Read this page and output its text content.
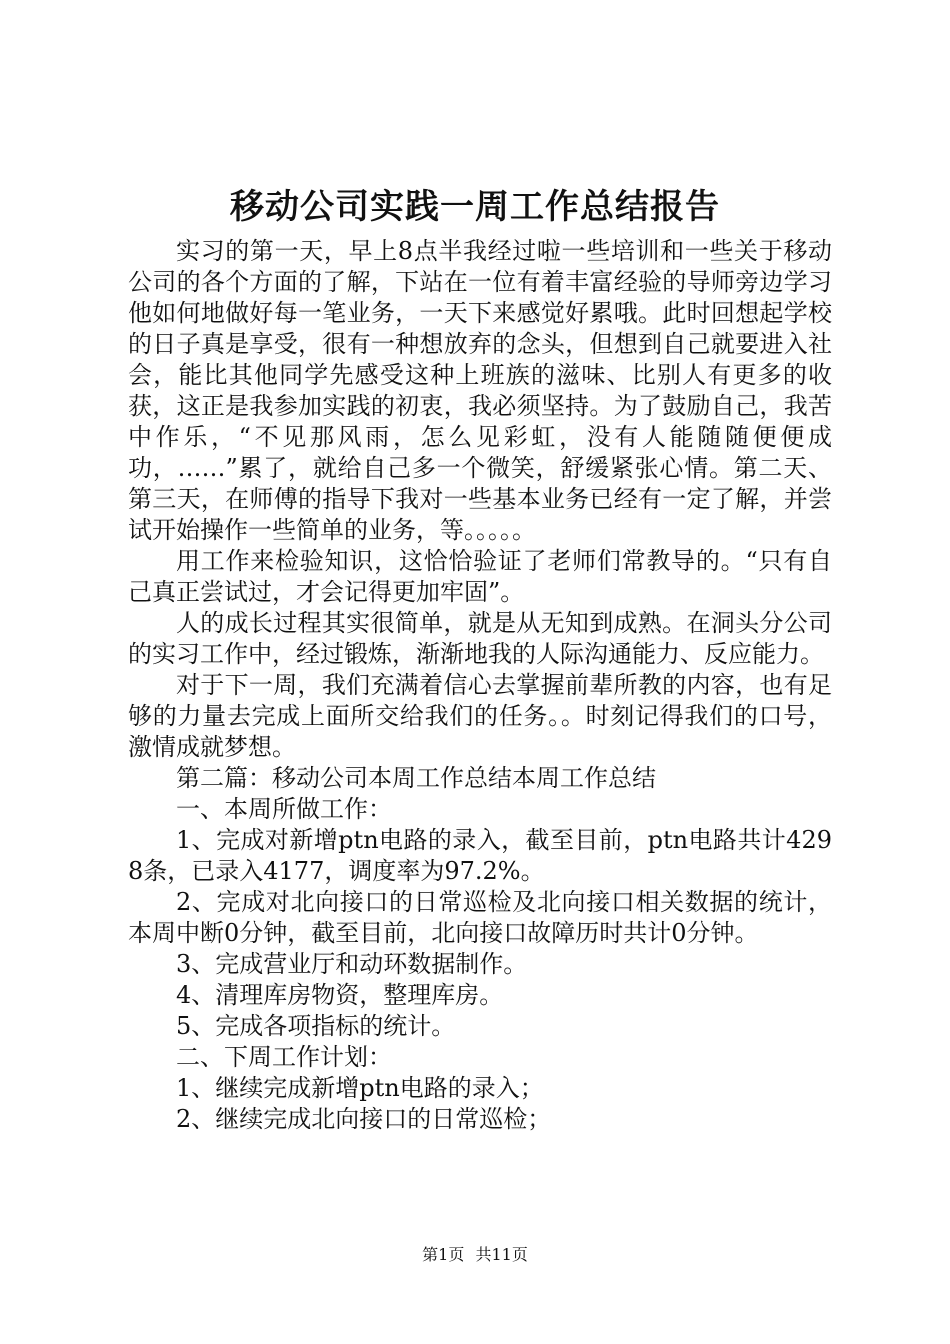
移动公司实践一周工作总结报告

实习的第一天，早上8点半我经过啦一些培训和一些关于移动公司的各个方面的了解，下站在一位有着丰富经验的导师旁边学习他如何地做好每一笔业务，一天下来感觉好累哦。此时回想起学校的日子真是享受，很有一种想放弃的念头，但想到自己就要进入社会，能比其他同学先感受这种上班族的滋味、比别人有更多的收获，这正是我参加实践的初衷，我必须坚持。为了鼓励自己，我苦中作乐，“不见那风雨，怎么见彩虹，没有人能随随便便成功，……”累了，就给自己多一个微笑，舒缓紧张心情。第二天、第三天，在师傅的指导下我对一些基本业务已经有一定了解，并尝试开始操作一些简单的业务，等。。。。。

用工作来检验知识，这恰恰验证了老师们常教导的。“只有自己真正尝试过，才会记得更加牢固”。

人的成长过程其实很简单，就是从无知到成熟。在洞头分公司的实习工作中，经过锻炼，渐渐地我的人际沟通能力、反应能力。

对于下一周，我们充满着信心去掌握前辈所教的内容，也有足够的力量去完成上面所交给我们的任务。。时刻记得我们的口号，激情成就梦想。

第二篇：移动公司本周工作总结本周工作总结

一、本周所做工作：

1、完成对新增ptn电路的录入，截至目前，ptn电路共计4298条，已录入4177，调度率为97.2%。

2、完成对北向接口的日常巡检及北向接口相关数据的统计，本周中断0分钟，截至目前，北向接口故障历时共计0分钟。

3、完成营业厅和动环数据制作。

4、清理库房物资，整理库房。

5、完成各项指标的统计。

二、下周工作计划：

1、继续完成新增ptn电路的录入；

2、继续完成北向接口的日常巡检；

第1页 共11页
